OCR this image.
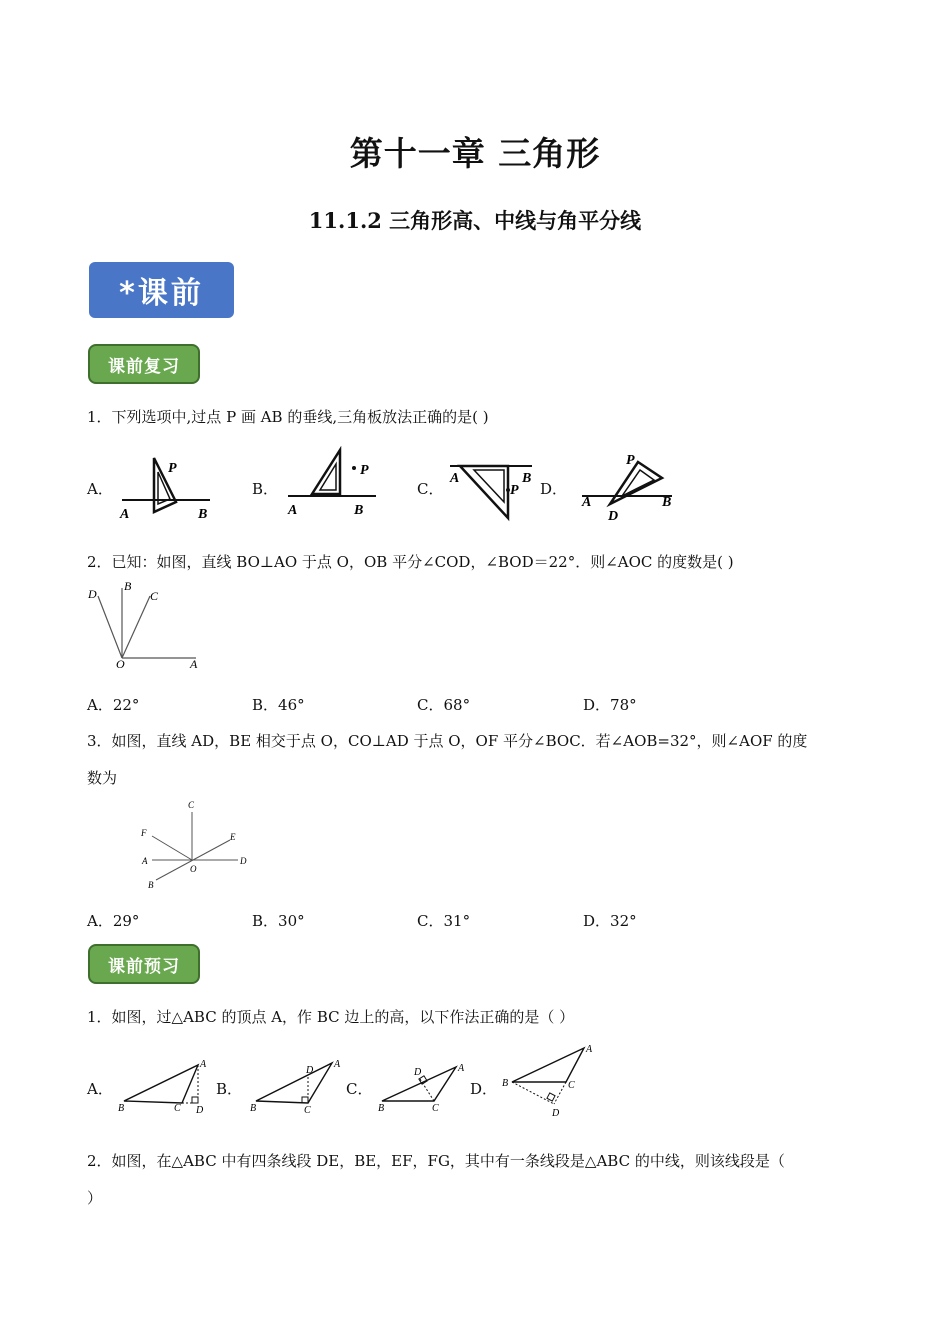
第十一章 三角形
11.1.2 三角形高、中线与角平分线
*课前
课前复习
1．下列选项中,过点 P 画 AB 的垂线,三角板放法正确的是( )
A．
P
A	B
B．
P
A	B
C．	P
A	B
D．
P
A	B
D
2．已知：如图，直线 BO⊥AO 于点 O，OB 平分∠COD，∠BOD＝22°．则∠AOC 的度数是( )
D
B
C
O	A
A．22°	B．46°	C．68°	D．78°
3．如图，直线 AD，BE 相交于点 O，CO⊥AD 于点 O，OF 平分∠BOC．若∠AOB=32°，则∠AOF 的度
数为
C
F	E
A	D
O
B
A．29°	B．30°	C．31°	D．32°
课前预习
1．如图，过△ABC 的顶点 A，作 BC 边上的高，以下作法正确的是（ ）
A．
A
B	C D
B．
A
D
B	C
C．
A
D
B	C
D．
A
B	C
D
2．如图，在△ABC 中有四条线段 DE，BE，EF，FG，其中有一条线段是△ABC 的中线，则该线段是（
）
